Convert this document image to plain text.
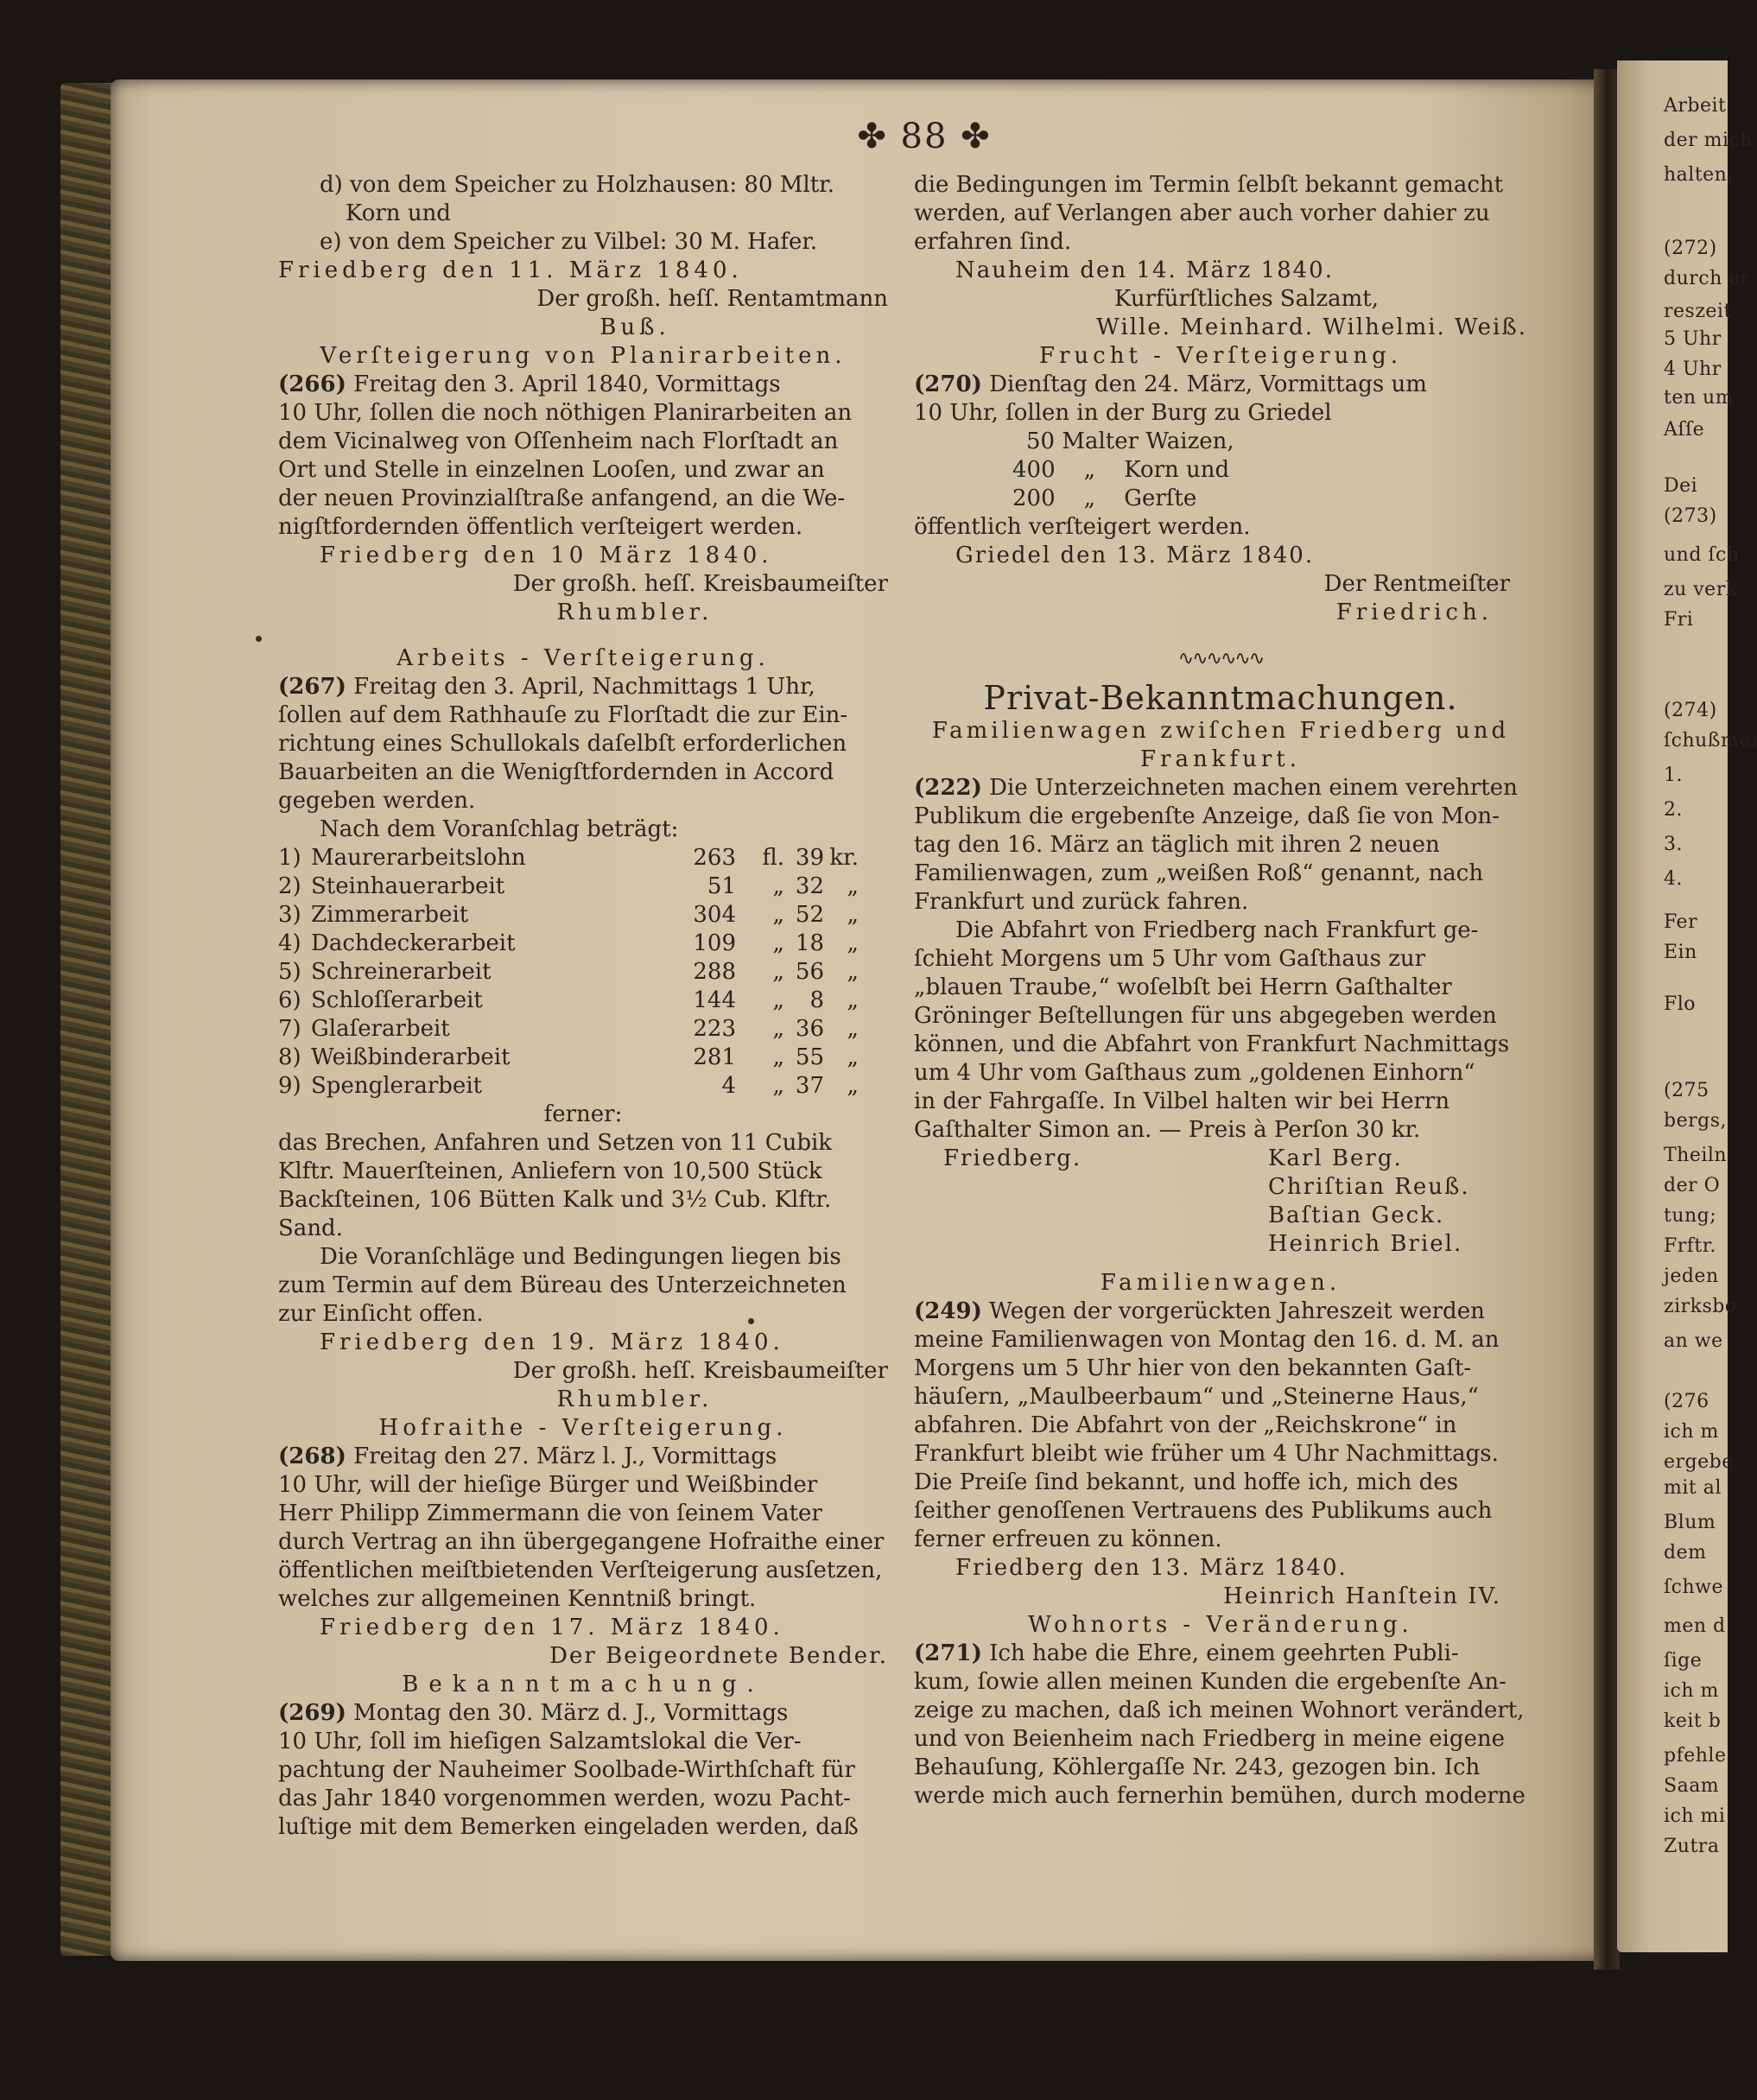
Arbeit
der mich
halten,
(272)
durch er
reszeit
5 Uhr
4 Uhr
ten um
Aſſe
Dei
(273)
und ſch
zu verk
Fri
(274)
ſchußmei
1.
2.
3.
4.
Fer
Ein
Flo
(275
bergs,
Theiln
der O
tung;
Frftr.
jeden
zirksbo
an we
(276
ich m
ergebe
mit al
Blum
dem
ſchwe
men d
ſige
ich m
keit b
pfehle
Saam
ich mi
Zutra
✤ 88 ✤
d) von dem Speicher zu Holzhausen: 80 Mltr.
Korn und
e) von dem Speicher zu Vilbel: 30 M. Hafer.
Friedberg den 11. März 1840.
Der großh. heſſ. Rentamtmann
Buß.
Verſteigerung von Planirarbeiten.
(266) Freitag den 3. April 1840, Vormittags
10 Uhr, ſollen die noch nöthigen Planirarbeiten an
dem Vicinalweg von Oſſenheim nach Florſtadt an
Ort und Stelle in einzelnen Looſen, und zwar an
der neuen Provinzialſtraße anfangend, an die We-
nigſtfordernden öffentlich verſteigert werden.
Friedberg den 10 März 1840.
Der großh. heſſ. Kreisbaumeiſter
Rhumbler.
Arbeits - Verſteigerung.
(267) Freitag den 3. April, Nachmittags 1 Uhr,
ſollen auf dem Rathhauſe zu Florſtadt die zur Ein-
richtung eines Schullokals daſelbſt erforderlichen
Bauarbeiten an die Wenigſtfordernden in Accord
gegeben werden.
Nach dem Voranſchlag beträgt:
1) Maurerarbeitslohn	263	fl. 39 kr.
2) Steinhauerarbeit	51	„ 32	„
3) Zimmerarbeit	304	„ 52	„
4) Dachdeckerarbeit	109	„ 18	„
5) Schreinerarbeit	288	„ 56	„
6) Schloſſerarbeit	144	„	8	„
7) Glaſerarbeit	223	„ 36	„
8) Weißbinderarbeit	281	„ 55	„
9) Spenglerarbeit	4	„ 37	„
ferner:
das Brechen, Anfahren und Setzen von 11 Cubik
Klftr. Mauerſteinen, Anliefern von 10,500 Stück
Backſteinen, 106 Bütten Kalk und 3½ Cub. Klftr.
Sand.
Die Voranſchläge und Bedingungen liegen bis
zum Termin auf dem Büreau des Unterzeichneten
zur Einſicht offen.
Friedberg den 19. März 1840.
Der großh. heſſ. Kreisbaumeiſter
Rhumbler.
Hofraithe - Verſteigerung.
(268) Freitag den 27. März l. J., Vormittags
10 Uhr, will der hieſige Bürger und Weißbinder
Herr Philipp Zimmermann die von ſeinem Vater
durch Vertrag an ihn übergegangene Hofraithe einer
öffentlichen meiſtbietenden Verſteigerung ausſetzen,
welches zur allgemeinen Kenntniß bringt.
Friedberg den 17. März 1840.
Der Beigeordnete Bender.
Bekanntmachung.
(269) Montag den 30. März d. J., Vormittags
10 Uhr, ſoll im hieſigen Salzamtslokal die Ver-
pachtung der Nauheimer Soolbade-Wirthſchaft für
das Jahr 1840 vorgenommen werden, wozu Pacht-
luſtige mit dem Bemerken eingeladen werden, daß
die Bedingungen im Termin ſelbſt bekannt gemacht
werden, auf Verlangen aber auch vorher dahier zu
erfahren ſind.
Nauheim den 14. März 1840.
Kurfürſtliches Salzamt,
Wille. Meinhard. Wilhelmi. Weiß.
Frucht - Verſteigerung.
(270) Dienſtag den 24. März, Vormittags um
10 Uhr, ſollen in der Burg zu Griedel
50 Malter Waizen,
400    „    Korn und
200    „    Gerſte
öffentlich verſteigert werden.
Griedel den 13. März 1840.
Der Rentmeiſter
Friedrich.
∿∿∿∿∿∿
Privat-Bekanntmachungen.
Familienwagen zwiſchen Friedberg und
Frankfurt.
(222) Die Unterzeichneten machen einem verehrten
Publikum die ergebenſte Anzeige, daß ſie von Mon-
tag den 16. März an täglich mit ihren 2 neuen
Familienwagen, zum „weißen Roß“ genannt, nach
Frankfurt und zurück fahren.
Die Abfahrt von Friedberg nach Frankfurt ge-
ſchieht Morgens um 5 Uhr vom Gaſthaus zur
„blauen Traube,“ woſelbſt bei Herrn Gaſthalter
Gröninger Beſtellungen für uns abgegeben werden
können, und die Abfahrt von Frankfurt Nachmittags
um 4 Uhr vom Gaſthaus zum „goldenen Einhorn“
in der Fahrgaſſe. In Vilbel halten wir bei Herrn
Gaſthalter Simon an. — Preis à Perſon 30 kr.
Friedberg.	Karl Berg.
Chriſtian Reuß.
Baſtian Geck.
Heinrich Briel.
Familienwagen.
(249) Wegen der vorgerückten Jahreszeit werden
meine Familienwagen von Montag den 16. d. M. an
Morgens um 5 Uhr hier von den bekannten Gaſt-
häuſern, „Maulbeerbaum“ und „Steinerne Haus,“
abfahren. Die Abfahrt von der „Reichskrone“ in
Frankfurt bleibt wie früher um 4 Uhr Nachmittags.
Die Preiſe ſind bekannt, und hoffe ich, mich des
ſeither genoſſenen Vertrauens des Publikums auch
ferner erfreuen zu können.
Friedberg den 13. März 1840.
Heinrich Hanſtein IV.
Wohnorts - Veränderung.
(271) Ich habe die Ehre, einem geehrten Publi-
kum, ſowie allen meinen Kunden die ergebenſte An-
zeige zu machen, daß ich meinen Wohnort verändert,
und von Beienheim nach Friedberg in meine eigene
Behauſung, Köhlergaſſe Nr. 243, gezogen bin. Ich
werde mich auch fernerhin bemühen, durch moderne
